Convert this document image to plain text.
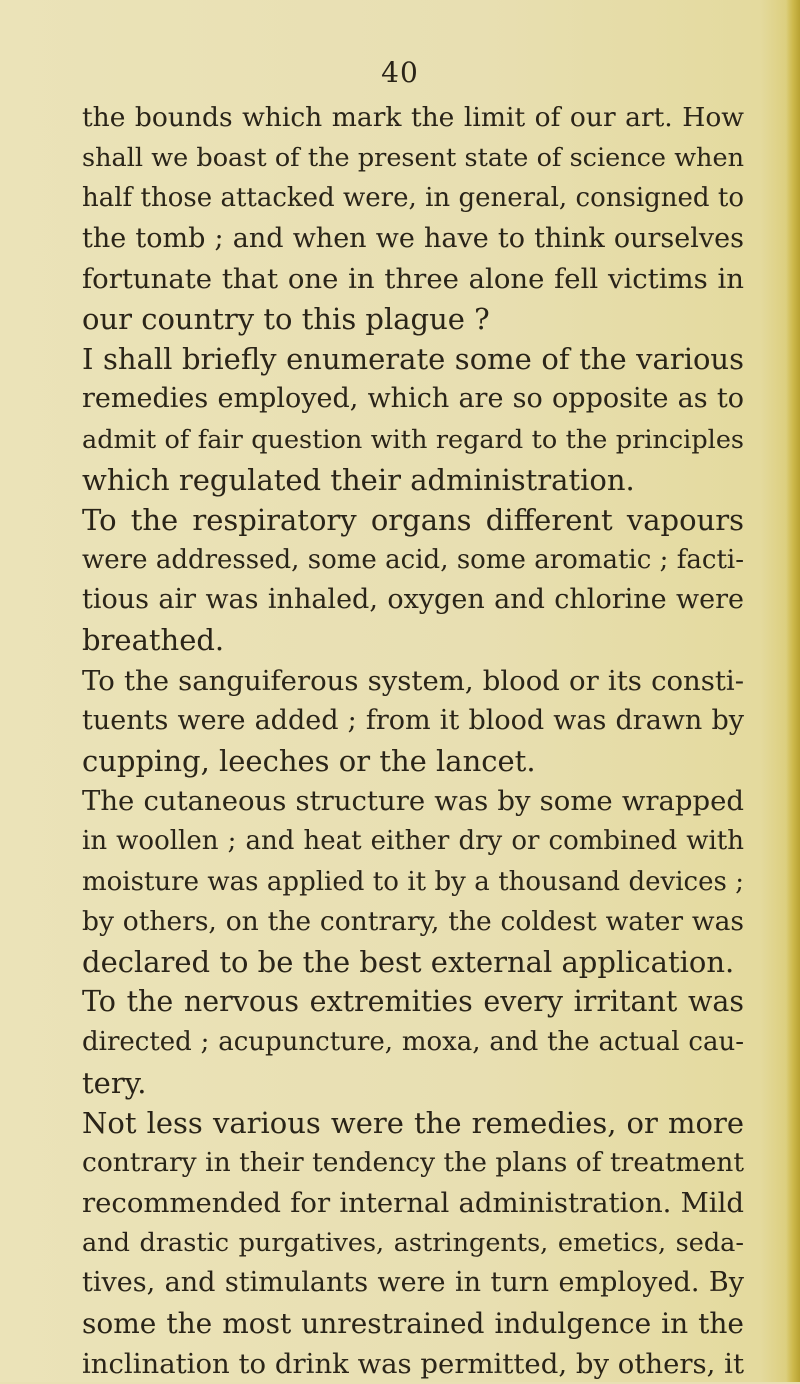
40
the bounds which mark the limit of our art. How
shall we boast of the present state of science when
half those attacked were, in general, consigned to
the tomb ; and when we have to think ourselves
fortunate that one in three alone fell victims in
our country to this plague ?
I shall briefly enumerate some of the various
remedies employed, which are so opposite as to
admit of fair question with regard to the principles
which regulated their administration.
To the respiratory organs different vapours
were addressed, some acid, some aromatic ; facti-
tious air was inhaled, oxygen and chlorine were
breathed.
To the sanguiferous system, blood or its consti-
tuents were added ; from it blood was drawn by
cupping, leeches or the lancet.
The cutaneous structure was by some wrapped
in woollen ; and heat either dry or combined with
moisture was applied to it by a thousand devices ;
by others, on the contrary, the coldest water was
declared to be the best external application.
To the nervous extremities every irritant was
directed ; acupuncture, moxa, and the actual cau-
tery.
Not less various were the remedies, or more
contrary in their tendency the plans of treatment
recommended for internal administration. Mild
and drastic purgatives, astringents, emetics, seda-
tives, and stimulants were in turn employed. By
some the most unrestrained indulgence in the
inclination to drink was permitted, by others, it
